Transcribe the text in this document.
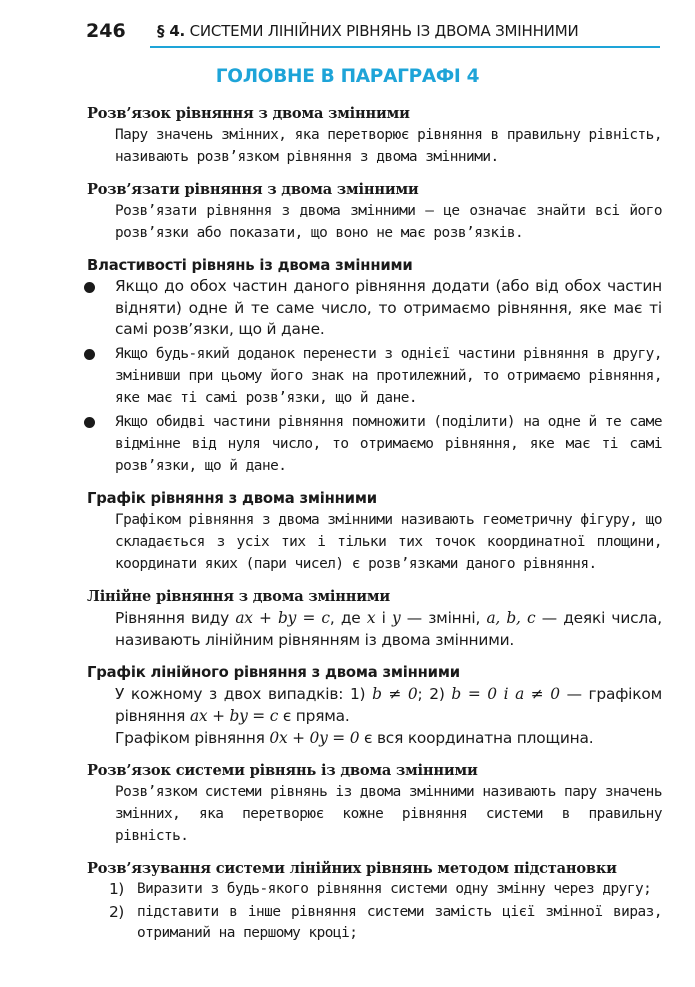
246 § 4. СИСТЕМИ ЛІНІЙНИХ РІВНЯНЬ ІЗ ДВОМА ЗМІННИМИ
ГОЛОВНЕ В ПАРАГРАФІ 4
Розв’язок рівняння з двома змінними
Пару значень змінних, яка перетворює рівняння в правильну рівність, називають розв’язком рівняння з двома змінними.
Розв’язати рівняння з двома змінними
Розв’язати рівняння з двома змінними — це означає знайти всі його розв’язки або показати, що воно не має розв’язків.
Властивості рівнянь із двома змінними
Якщо до обох частин даного рівняння додати (або від обох частин відняти) одне й те саме число, то отримаємо рівняння, яке має ті самі розв’язки, що й дане.
Якщо будь-який доданок перенести з однієї частини рівняння в другу, змінивши при цьому його знак на протилежний, то отримаємо рівняння, яке має ті самі розв’язки, що й дане.
Якщо обидві частини рівняння помножити (поділити) на одне й те саме відмінне від нуля число, то отримаємо рівняння, яке має ті самі розв’язки, що й дане.
Графік рівняння з двома змінними
Графіком рівняння з двома змінними називають геометричну фігуру, що складається з усіх тих і тільки тих точок координатної площини, координати яких (пари чисел) є розв’язками даного рівняння.
Лінійне рівняння з двома змінними
Рівняння виду ax + by = c, де x і y — змінні, a, b, c — деякі числа, називають лінійним рівнянням із двома змінними.
Графік лінійного рівняння з двома змінними

У кожному з двох випадків: 1) b ≠ 0; 2) b = 0 і a ≠ 0 — графіком рівняння ax + by = c є пряма.

Графіком рівняння 0x + 0y = 0 є вся координатна площина.

Розв’язок системи рівнянь із двома змінними
Розв’язком системи рівнянь із двома змінними називають пару значень змінних, яка перетворює кожне рівняння системи в правильну рівність.
Розв’язування системи лінійних рівнянь методом підстановки
1) Виразити з будь-якого рівняння системи одну змінну через другу;
2) підставити в інше рівняння системи замість цієї змінної вираз, отриманий на першому кроці;
